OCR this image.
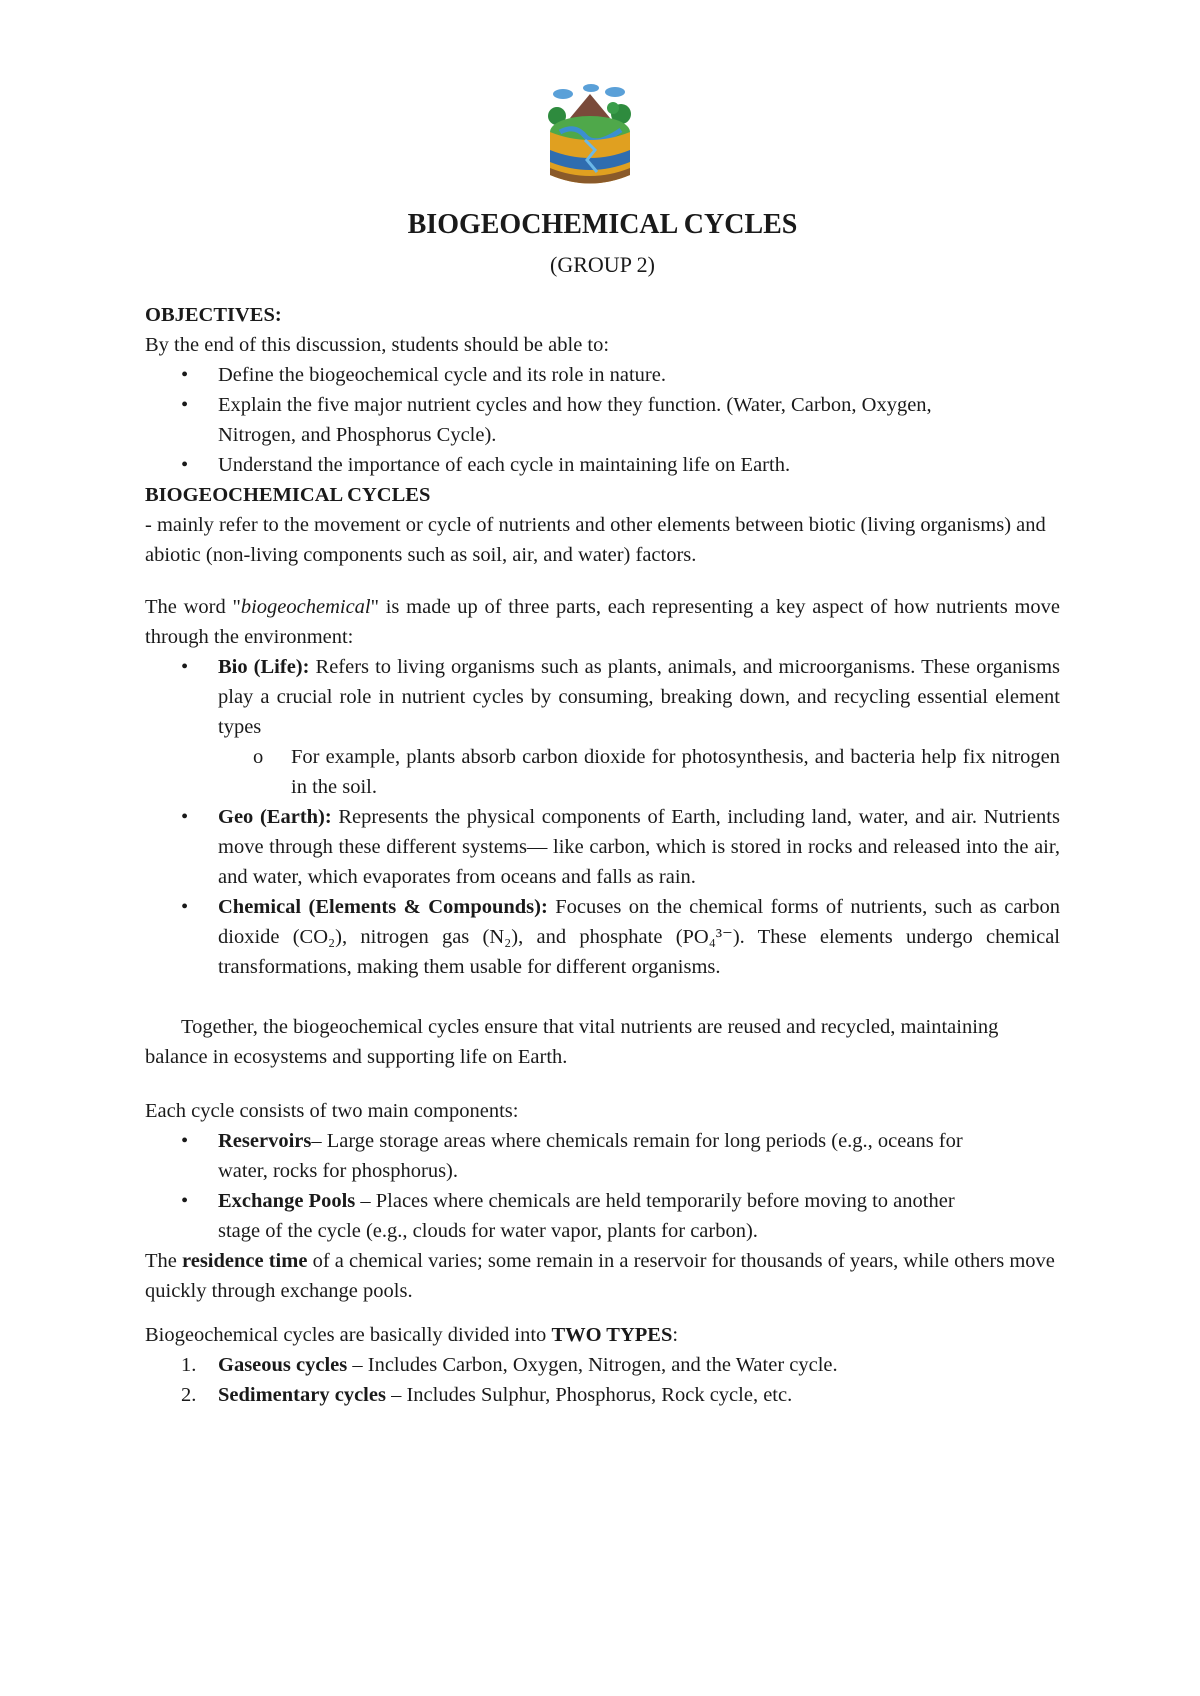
BIOGEOCHEMICAL CYCLES
(GROUP 2)

OBJECTIVES:

By the end of this discussion, students should be able to:

• Define the biogeochemical cycle and its role in nature.
• Explain the five major nutrient cycles and how they function. (Water, Carbon, Oxygen, Nitrogen, and Phosphorus Cycle).
• Understand the importance of each cycle in maintaining life on Earth.

BIOGEOCHEMICAL CYCLES

- mainly refer to the movement or cycle of nutrients and other elements between biotic (living organisms) and abiotic (non-living components such as soil, air, and water) factors.

The word "biogeochemical" is made up of three parts, each representing a key aspect of how nutrients move through the environment:

• Bio (Life): Refers to living organisms such as plants, animals, and microorganisms. These organisms play a crucial role in nutrient cycles by consuming, breaking down, and recycling essential element types
o For example, plants absorb carbon dioxide for photosynthesis, and bacteria help fix nitrogen in the soil.
• Geo (Earth): Represents the physical components of Earth, including land, water, and air. Nutrients move through these different systems— like carbon, which is stored in rocks and released into the air, and water, which evaporates from oceans and falls as rain.
• Chemical (Elements & Compounds): Focuses on the chemical forms of nutrients, such as carbon dioxide (CO₂), nitrogen gas (N₂), and phosphate (PO₄³⁻). These elements undergo chemical transformations, making them usable for different organisms.

Together, the biogeochemical cycles ensure that vital nutrients are reused and recycled, maintaining balance in ecosystems and supporting life on Earth.

Each cycle consists of two main components:

• Reservoirs– Large storage areas where chemicals remain for long periods (e.g., oceans for water, rocks for phosphorus).
• Exchange Pools – Places where chemicals are held temporarily before moving to another stage of the cycle (e.g., clouds for water vapor, plants for carbon).

The residence time of a chemical varies; some remain in a reservoir for thousands of years, while others move quickly through exchange pools.

Biogeochemical cycles are basically divided into TWO TYPES:

1. Gaseous cycles – Includes Carbon, Oxygen, Nitrogen, and the Water cycle.
2. Sedimentary cycles – Includes Sulphur, Phosphorus, Rock cycle, etc.
